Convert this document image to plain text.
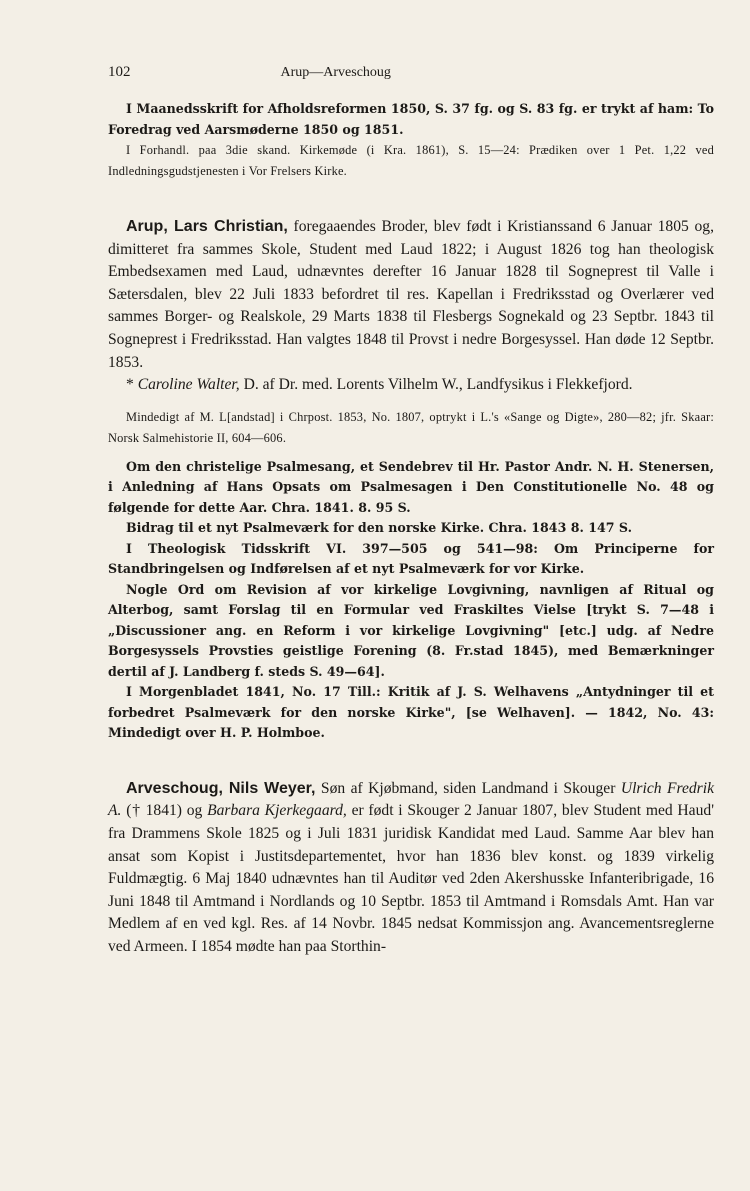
102	Arup—Arveschoug

I Maanedsskrift for Afholdsreformen 1850, S. 37 fg. og S. 83 fg. er trykt af ham: To Foredrag ved Aarsmøderne 1850 og 1851.

I Forhandl. paa 3die skand. Kirkemøde (i Kra. 1861), S. 15—24: Prædiken over 1 Pet. 1,22 ved Indledningsgudstjenesten i Vor Frelsers Kirke.

Arup, Lars Christian, foregaaendes Broder, blev født i Kristianssand 6 Januar 1805 og, dimitteret fra sammes Skole, Student med Laud 1822; i August 1826 tog han theologisk Embedsexamen med Laud, udnævntes derefter 16 Januar 1828 til Sogneprest til Valle i Sætersdalen, blev 22 Juli 1833 befordret til res. Kapellan i Fredriksstad og Overlærer ved sammes Borger- og Realskole, 29 Marts 1838 til Flesbergs Sognekald og 23 Septbr. 1843 til Sogneprest i Fredriksstad. Han valgtes 1848 til Provst i nedre Borgesyssel. Han døde 12 Septbr. 1853.

* Caroline Walter, D. af Dr. med. Lorents Vilhelm W., Landfysikus i Flekkefjord.

Mindedigt af M. L[andstad] i Chrpost. 1853, No. 1807, optrykt i L.'s «Sange og Digte», 280—82; jfr. Skaar: Norsk Salmehistorie II, 604—606.

Om den christelige Psalmesang, et Sendebrev til Hr. Pastor Andr. N. H. Stenersen, i Anledning af Hans Opsats om Psalmesagen i Den Constitutionelle No. 48 og følgende for dette Aar. Chra. 1841. 8. 95 S.

Bidrag til et nyt Psalmeværk for den norske Kirke. Chra. 1843 8. 147 S.

I Theologisk Tidsskrift VI. 397—505 og 541—98: Om Principerne for Standbringelsen og Indførelsen af et nyt Psalmeværk for vor Kirke.

Nogle Ord om Revision af vor kirkelige Lovgivning, navnligen af Ritual og Alterbog, samt Forslag til en Formular ved Fraskiltes Vielse [trykt S. 7—48 i „Discussioner ang. en Reform i vor kirkelige Lovgivning" [etc.] udg. af Nedre Borgesyssels Provsties geistlige Forening (8. Fr.stad 1845), med Bemærkninger dertil af J. Landberg f. steds S. 49—64].

I Morgenbladet 1841, No. 17 Till.: Kritik af J. S. Welhavens „Antydninger til et forbedret Psalmeværk for den norske Kirke", [se Welhaven]. — 1842, No. 43: Mindedigt over H. P. Holmboe.

Arveschoug, Nils Weyer, Søn af Kjøbmand, siden Landmand i Skouger Ulrich Fredrik A. († 1841) og Barbara Kjerkegaard, er født i Skouger 2 Januar 1807, blev Student med Haud' fra Drammens Skole 1825 og i Juli 1831 juridisk Kandidat med Laud. Samme Aar blev han ansat som Kopist i Justitsdepartementet, hvor han 1836 blev konst. og 1839 virkelig Fuldmægtig. 6 Maj 1840 udnævntes han til Auditør ved 2den Akershusske Infanteribrigade, 16 Juni 1848 til Amtmand i Nordlands og 10 Septbr. 1853 til Amtmand i Romsdals Amt. Han var Medlem af en ved kgl. Res. af 14 Novbr. 1845 nedsat Kommissjon ang. Avancementsreglerne ved Armeen. I 1854 mødte han paa Storthin-
